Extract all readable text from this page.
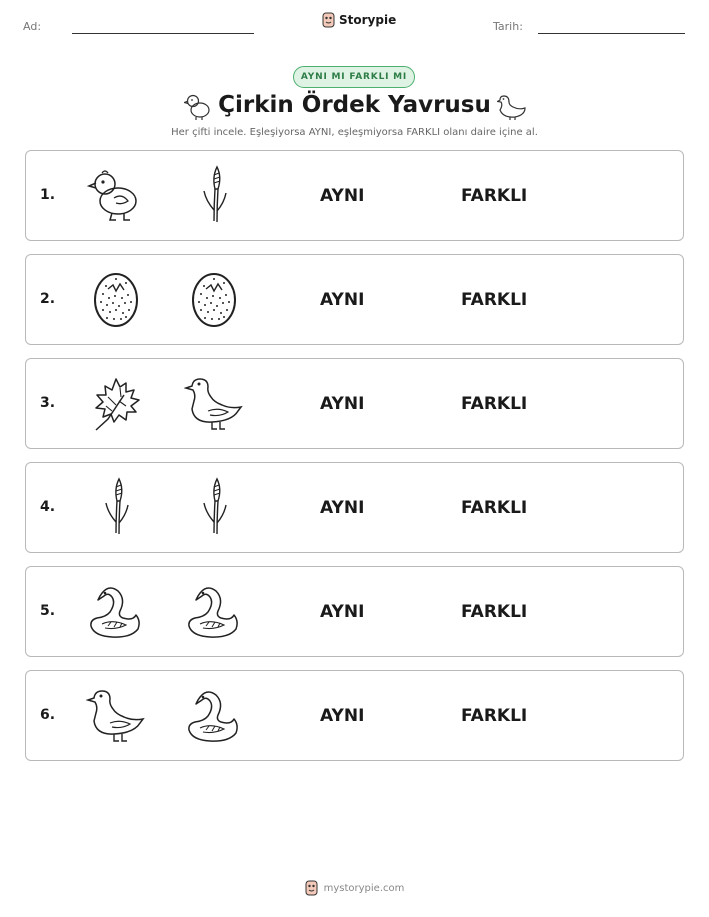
Ad:	Storypie	Tarih:
AYNI MI FARKLI MI
Çirkin Ördek Yavrusu
Her çifti incele. Eşleşiyorsa AYNI, eşleşmiyorsa FARKLI olanı daire içine al.
1.	AYNI	FARKLI
2.	AYNI	FARKLI
3.	AYNI	FARKLI
4.	AYNI	FARKLI
5.	AYNI	FARKLI
6.	AYNI	FARKLI
mystorypie.com
